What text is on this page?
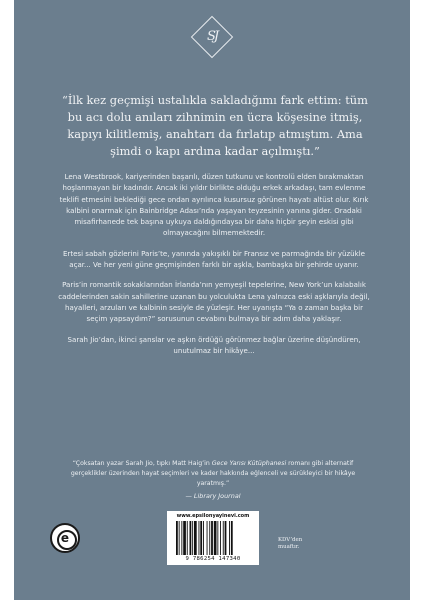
SJ
“İlk kez geçmişi ustalıkla sakladığımı fark ettim: tüm bu acı dolu anıları zihnimin en ücra köşesine itmiş, kapıyı kilitlemiş, anahtarı da fırlatıp atmıştım. Ama şimdi o kapı ardına kadar açılmıştı.”

Lena Westbrook, kariyerinden başarılı, düzen tutkunu ve kontrolü elden bırakmaktan hoşlanmayan bir kadındır. Ancak iki yıldır birlikte olduğu erkek arkadaşı, tam evlenme teklifi etmesini beklediği gece ondan ayrılınca kusursuz görünen hayatı altüst olur. Kırık kalbini onarmak için Bainbridge Adası’nda yaşayan teyzesinin yanına gider. Oradaki misafirhanede tek başına uykuya daldığındaysa bir daha hiçbir şeyin eskisi gibi olmayacağını bilmemektedir.

Ertesi sabah gözlerini Paris’te, yanında yakışıklı bir Fransız ve parmağında bir yüzükle açar... Ve her yeni güne geçmişinden farklı bir aşkla, bambaşka bir şehirde uyanır.

Paris’in romantik sokaklarından İrlanda’nın yemyeşil tepelerine, New York’un kalabalık caddelerinden sakin sahillerine uzanan bu yolculukta Lena yalnızca eski aşklarıyla değil, hayalleri, arzuları ve kalbinin sesiyle de yüzleşir. Her uyanışta “Ya o zaman başka bir seçim yapsaydım?” sorusunun cevabını bulmaya bir adım daha yaklaşır.

Sarah Jio’dan, ikinci şanslar ve aşkın ördüğü görünmez bağlar üzerine düşündüren, unutulmaz bir hikâye...

“Çoksatan yazar Sarah Jio, tıpkı Matt Haig’in Gece Yarısı Kütüphanesi romanı gibi alternatif gerçeklikler üzerinden hayat seçimleri ve kader hakkında eğlenceli ve sürükleyici bir hikâye yaratmış.”
— Library Journal
e
www.epsilonyayinevi.com
9 786254 147340
KDV’den muaftır.
